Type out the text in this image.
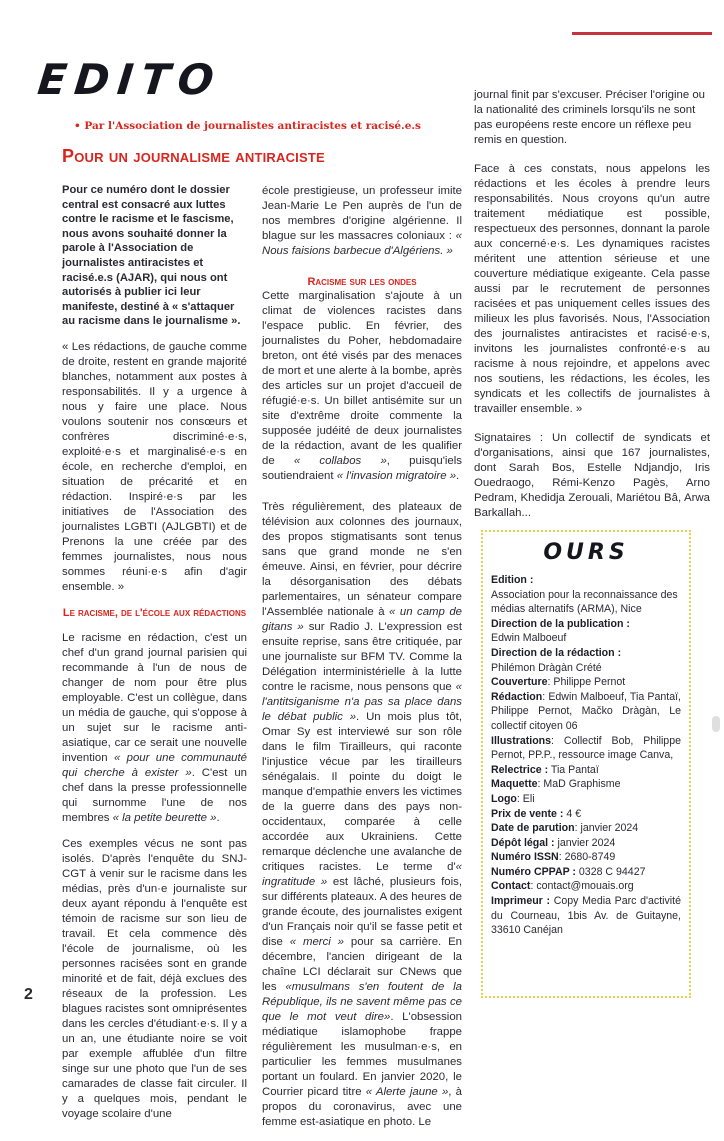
EDITO
• Par l'Association de journalistes antiracistes et racisé.e.s
Pour un journalisme antiraciste

Pour ce numéro dont le dossier central est consacré aux luttes contre le racisme et le fascisme, nous avons souhaité donner la parole à l'Association de journalistes antiracistes et racisé.e.s (AJAR), qui nous ont autorisés à publier ici leur manifeste, destiné à « s'attaquer au racisme dans le journalisme ».

« Les rédactions, de gauche comme de droite, restent en grande majorité blanches, notamment aux postes à responsabilités. Il y a urgence à nous y faire une place. Nous voulons soutenir nos consœurs et confrères discriminé·e·s, exploité·e·s et marginalisé·e·s en école, en recherche d'emploi, en situation de précarité et en rédaction. Inspiré·e·s par les initiatives de l'Association des journalistes LGBTI (AJLGBTI) et de Prenons la une créée par des femmes journalistes, nous nous sommes réuni·e·s afin d'agir ensemble. »

Le racisme, de l'école aux rédactions

Le racisme en rédaction, c'est un chef d'un grand journal parisien qui recommande à l'un de nous de changer de nom pour être plus employable. C'est un collègue, dans un média de gauche, qui s'oppose à un sujet sur le racisme anti-asiatique, car ce serait une nouvelle invention « pour une communauté qui cherche à exister ». C'est un chef dans la presse professionnelle qui surnomme l'une de nos membres « la petite beurette ».

Ces exemples vécus ne sont pas isolés. D'après l'enquête du SNJ-CGT à venir sur le racisme dans les médias, près d'un·e journaliste sur deux ayant répondu à l'enquête est témoin de racisme sur son lieu de travail. Et cela commence dès l'école de journalisme, où les personnes racisées sont en grande minorité et de fait, déjà exclues des réseaux de la profession. Les blagues racistes sont omniprésentes dans les cercles d'étudiant·e·s. Il y a un an, une étudiante noire se voit par exemple affublée d'un filtre singe sur une photo que l'un de ses camarades de classe fait circuler. Il y a quelques mois, pendant le voyage scolaire d'une

école prestigieuse, un professeur imite Jean-Marie Le Pen auprès de l'un de nos membres d'origine algérienne. Il blague sur les massacres coloniaux : « Nous faisions barbecue d'Algériens. »

Racisme sur les ondes

Cette marginalisation s'ajoute à un climat de violences racistes dans l'espace public. En février, des journalistes du Poher, hebdomadaire breton, ont été visés par des menaces de mort et une alerte à la bombe, après des articles sur un projet d'accueil de réfugié·e·s. Un billet antisémite sur un site d'extrême droite commente la supposée judéité de deux journalistes de la rédaction, avant de les qualifier de « collabos », puisqu'iels soutiendraient « l'invasion migratoire ».

Très régulièrement, des plateaux de télévision aux colonnes des journaux, des propos stigmatisants sont tenus sans que grand monde ne s'en émeuve. Ainsi, en février, pour décrire la désorganisation des débats parlementaires, un sénateur compare l'Assemblée nationale à « un camp de gitans » sur Radio J. L'expression est ensuite reprise, sans être critiquée, par une journaliste sur BFM TV. Comme la Délégation interministérielle à la lutte contre le racisme, nous pensons que « l'antitsiganisme n'a pas sa place dans le débat public ». Un mois plus tôt, Omar Sy est interviewé sur son rôle dans le film Tirailleurs, qui raconte l'injustice vécue par les tirailleurs sénégalais. Il pointe du doigt le manque d'empathie envers les victimes de la guerre dans des pays non-occidentaux, comparée à celle accordée aux Ukrainiens. Cette remarque déclenche une avalanche de critiques racistes. Le terme d'« ingratitude » est lâché, plusieurs fois, sur différents plateaux. A des heures de grande écoute, des journalistes exigent d'un Français noir qu'il se fasse petit et dise « merci » pour sa carrière. En décembre, l'ancien dirigeant de la chaîne LCI déclarait sur CNews que les «musulmans s'en foutent de la République, ils ne savent même pas ce que le mot veut dire». L'obsession médiatique islamophobe frappe régulièrement les musulman·e·s, en particulier les femmes musulmanes portant un foulard. En janvier 2020, le Courrier picard titre « Alerte jaune », à propos du coronavirus, avec une femme est-asiatique en photo. Le

journal finit par s'excuser. Préciser l'origine ou la nationalité des criminels lorsqu'ils ne sont pas européens reste encore un réflexe peu remis en question.

Face à ces constats, nous appelons les rédactions et les écoles à prendre leurs responsabilités. Nous croyons qu'un autre traitement médiatique est possible, respectueux des personnes, donnant la parole aux concerné·e·s. Les dynamiques racistes méritent une attention sérieuse et une couverture médiatique exigeante. Cela passe aussi par le recrutement de personnes racisées et pas uniquement celles issues des milieux les plus favorisés. Nous, l'Association des journalistes antiracistes et racisé·e·s, invitons les journalistes confronté·e·s au racisme à nous rejoindre, et appelons avec nos soutiens, les rédactions, les écoles, les syndicats et les collectifs de journalistes à travailler ensemble. »

Signataires : Un collectif de syndicats et d'organisations, ainsi que 167 journalistes, dont Sarah Bos, Estelle Ndjandjo, Iris Ouedraogo, Rémi-Kenzo Pagès, Arno Pedram, Khedidja Zerouali, Mariétou Bâ, Arwa Barkallah...

OURS
Edition :
Association pour la reconnaissance des médias alternatifs (ARMA), Nice
Direction de la publication :
Edwin Malboeuf
Direction de la rédaction :
Philémon Dràgàn Crété
Couverture: Philippe Pernot
Rédaction: Edwin Malboeuf, Tia Pantaï, Philippe Pernot, Mačko Dràgàn, Le collectif citoyen 06
Illustrations: Collectif Bob, Philippe Pernot, PP.P., ressource image Canva,
Relectrice : Tia Pantaï
Maquette: MaD Graphisme
Logo: Eli
Prix de vente : 4 €
Date de parution: janvier 2024
Dépôt légal : janvier 2024
Numéro ISSN: 2680-8749
Numéro CPPAP : 0328 C 94427
Contact: contact@mouais.org
Imprimeur : Copy Media Parc d'activité du Courneau, 1bis Av. de Guitayne, 33610 Canéjan
2
